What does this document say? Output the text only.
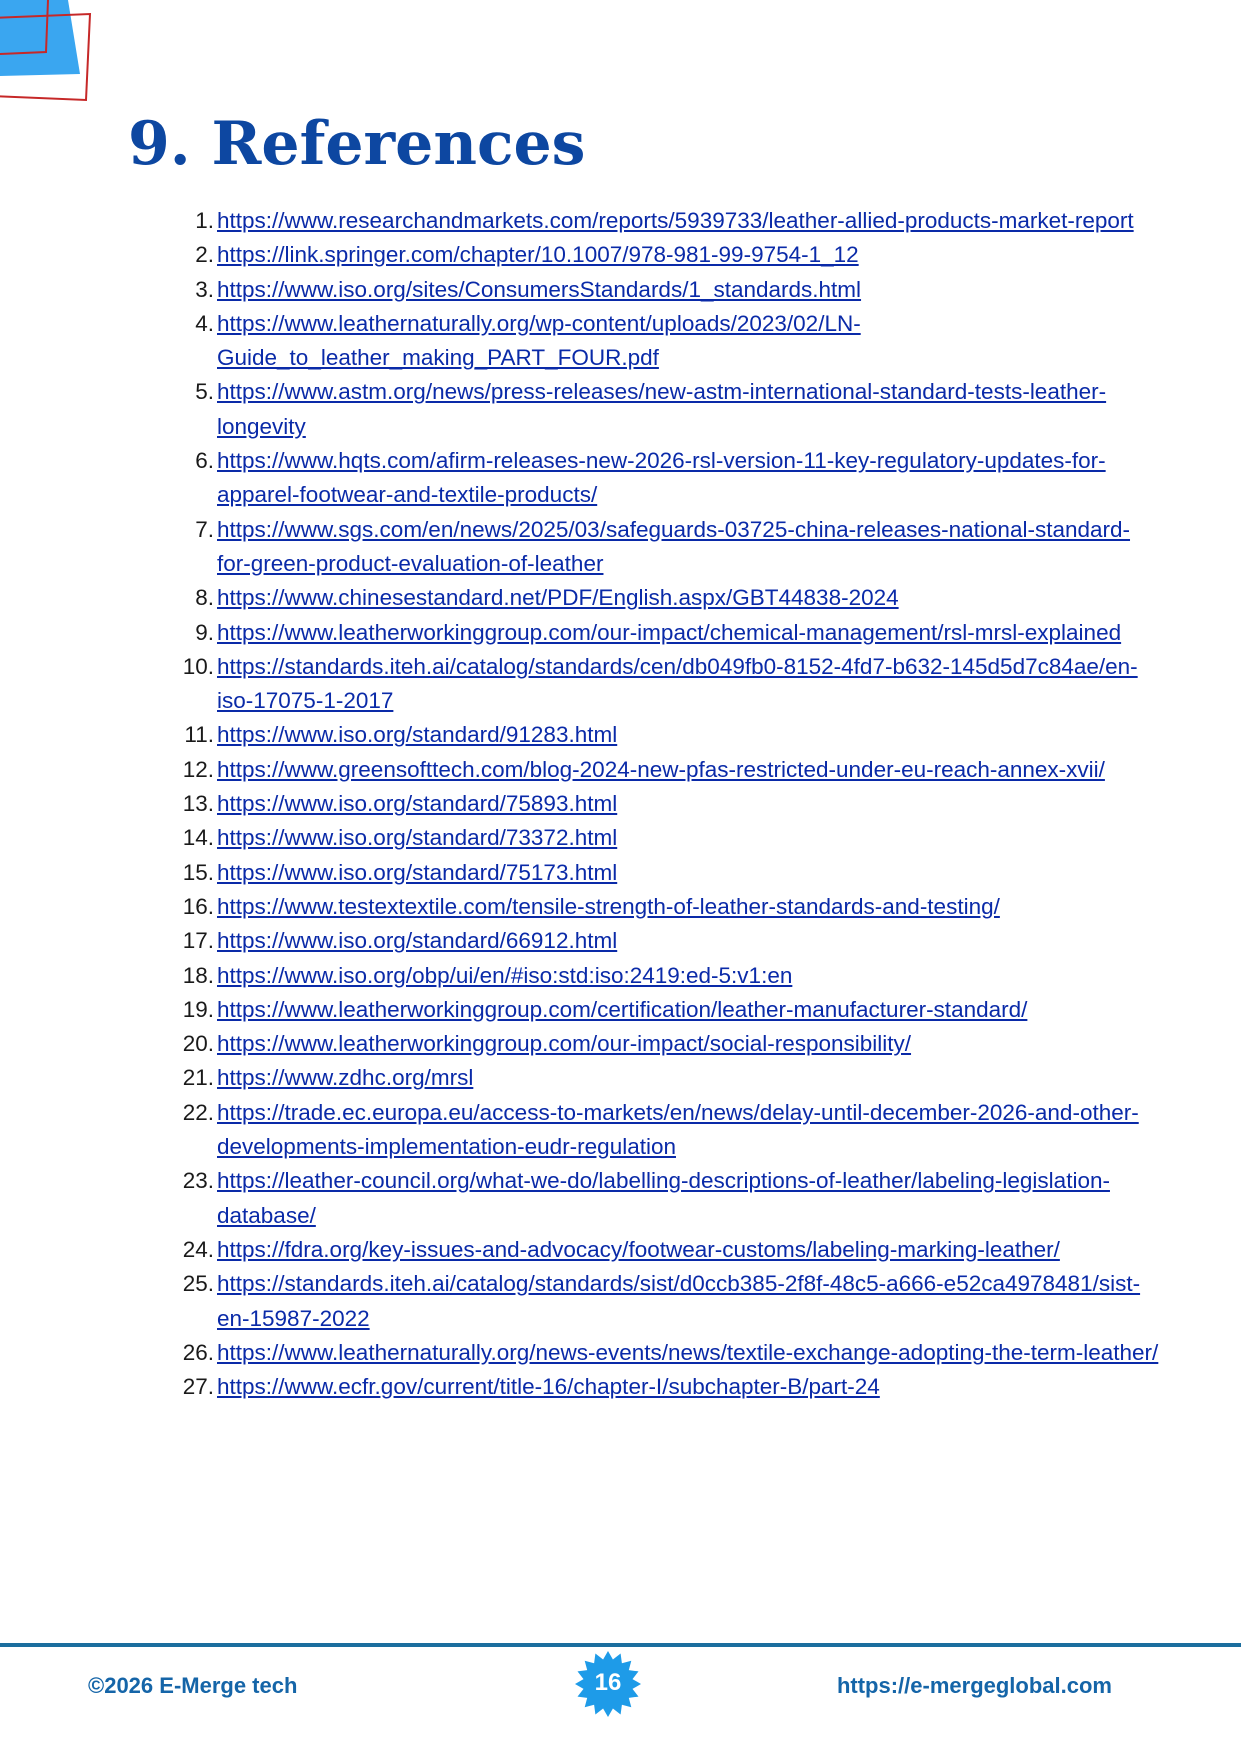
9. References
1. https://www.researchandmarkets.com/reports/5939733/leather-allied-products-market-report
2. https://link.springer.com/chapter/10.1007/978-981-99-9754-1_12
3. https://www.iso.org/sites/ConsumersStandards/1_standards.html
4. https://www.leathernaturally.org/wp-content/uploads/2023/02/LN-Guide_to_leather_making_PART_FOUR.pdf
5. https://www.astm.org/news/press-releases/new-astm-international-standard-tests-leather-longevity
6. https://www.hqts.com/afirm-releases-new-2026-rsl-version-11-key-regulatory-updates-for-apparel-footwear-and-textile-products/
7. https://www.sgs.com/en/news/2025/03/safeguards-03725-china-releases-national-standard-for-green-product-evaluation-of-leather
8. https://www.chinesestandard.net/PDF/English.aspx/GBT44838-2024
9. https://www.leatherworkinggroup.com/our-impact/chemical-management/rsl-mrsl-explained
10. https://standards.iteh.ai/catalog/standards/cen/db049fb0-8152-4fd7-b632-145d5d7c84ae/en-iso-17075-1-2017
11. https://www.iso.org/standard/91283.html
12. https://www.greensofttech.com/blog-2024-new-pfas-restricted-under-eu-reach-annex-xvii/
13. https://www.iso.org/standard/75893.html
14. https://www.iso.org/standard/73372.html
15. https://www.iso.org/standard/75173.html
16. https://www.testextextile.com/tensile-strength-of-leather-standards-and-testing/
17. https://www.iso.org/standard/66912.html
18. https://www.iso.org/obp/ui/en/#iso:std:iso:2419:ed-5:v1:en
19. https://www.leatherworkinggroup.com/certification/leather-manufacturer-standard/
20. https://www.leatherworkinggroup.com/our-impact/social-responsibility/
21. https://www.zdhc.org/mrsl
22. https://trade.ec.europa.eu/access-to-markets/en/news/delay-until-december-2026-and-other-developments-implementation-eudr-regulation
23. https://leather-council.org/what-we-do/labelling-descriptions-of-leather/labeling-legislation-database/
24. https://fdra.org/key-issues-and-advocacy/footwear-customs/labeling-marking-leather/
25. https://standards.iteh.ai/catalog/standards/sist/d0ccb385-2f8f-48c5-a666-e52ca4978481/sist-en-15987-2022
26. https://www.leathernaturally.org/news-events/news/textile-exchange-adopting-the-term-leather/
27. https://www.ecfr.gov/current/title-16/chapter-I/subchapter-B/part-24
©2026 E-Merge tech	16	https://e-mergeglobal.com
